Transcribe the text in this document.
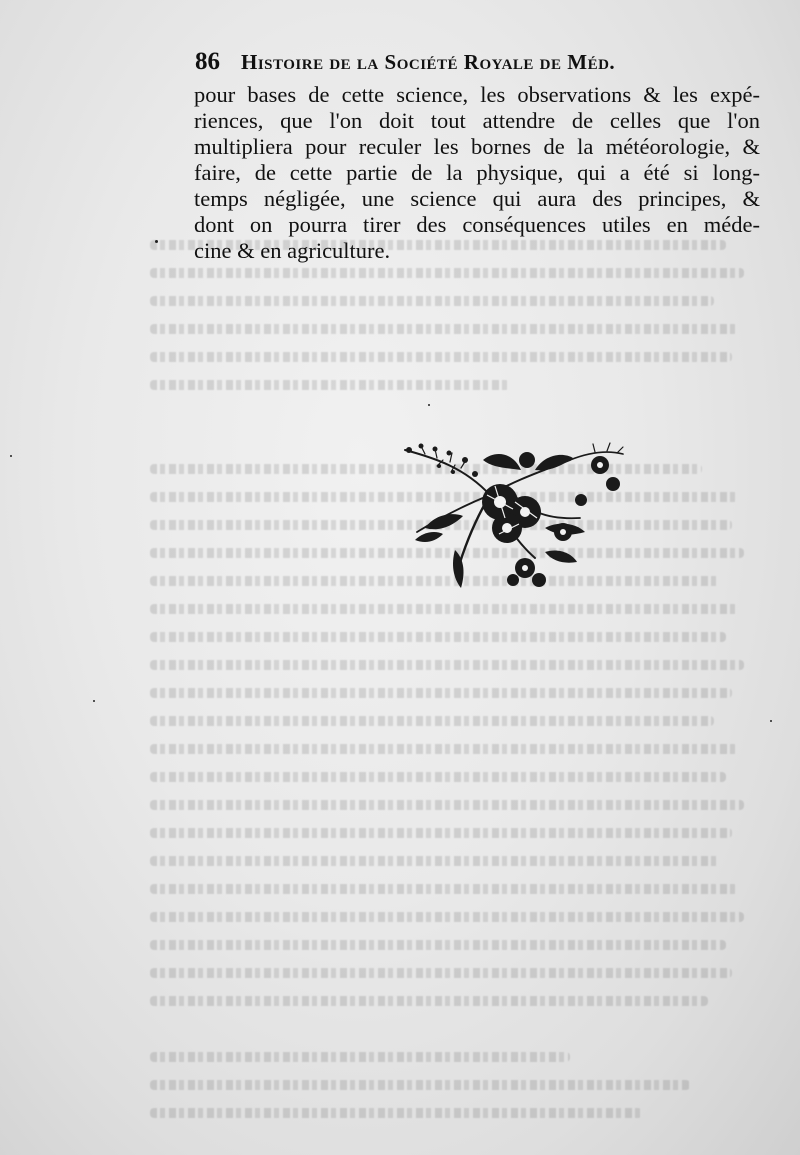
86 Histoire de la Société Royale de Méd.
pour bases de cette science, les observations & les expé-
riences, que l'on doit tout attendre de celles que l'on
multipliera pour reculer les bornes de la météorologie, &
faire, de cette partie de la physique, qui a été si long-
temps négligée, une science qui aura des principes, &
dont on pourra tirer des conséquences utiles en méde-
cine & en agriculture.
